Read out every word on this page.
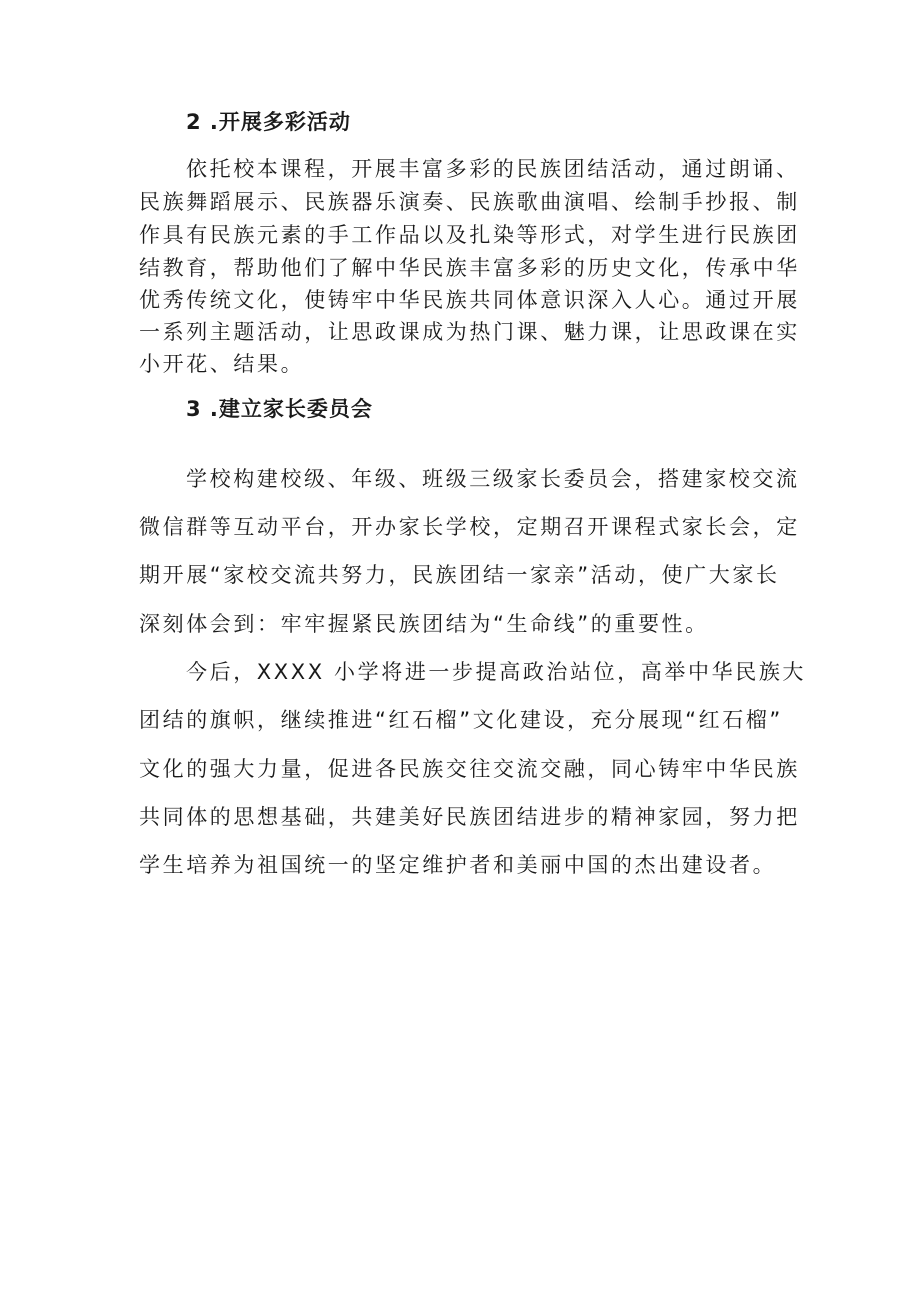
2 .开展多彩活动
依托校本课程，开展丰富多彩的民族团结活动，通过朗诵、
民族舞蹈展示、民族器乐演奏、民族歌曲演唱、绘制手抄报、制
作具有民族元素的手工作品以及扎染等形式，对学生进行民族团
结教育，帮助他们了解中华民族丰富多彩的历史文化，传承中华
优秀传统文化，使铸牢中华民族共同体意识深入人心。通过开展
一系列主题活动，让思政课成为热门课、魅力课，让思政课在实
小开花、结果。
3 .建立家长委员会
学校构建校级、年级、班级三级家长委员会，搭建家校交流
微信群等互动平台，开办家长学校，定期召开课程式家长会，定
期开展“家校交流共努力，民族团结一家亲”活动，使广大家长
深刻体会到：牢牢握紧民族团结为“生命线”的重要性。
今后，XXXX 小学将进一步提高政治站位，高举中华民族大
团结的旗帜，继续推进“红石榴”文化建设，充分展现“红石榴”
文化的强大力量，促进各民族交往交流交融，同心铸牢中华民族
共同体的思想基础，共建美好民族团结进步的精神家园，努力把
学生培养为祖国统一的坚定维护者和美丽中国的杰出建设者。
